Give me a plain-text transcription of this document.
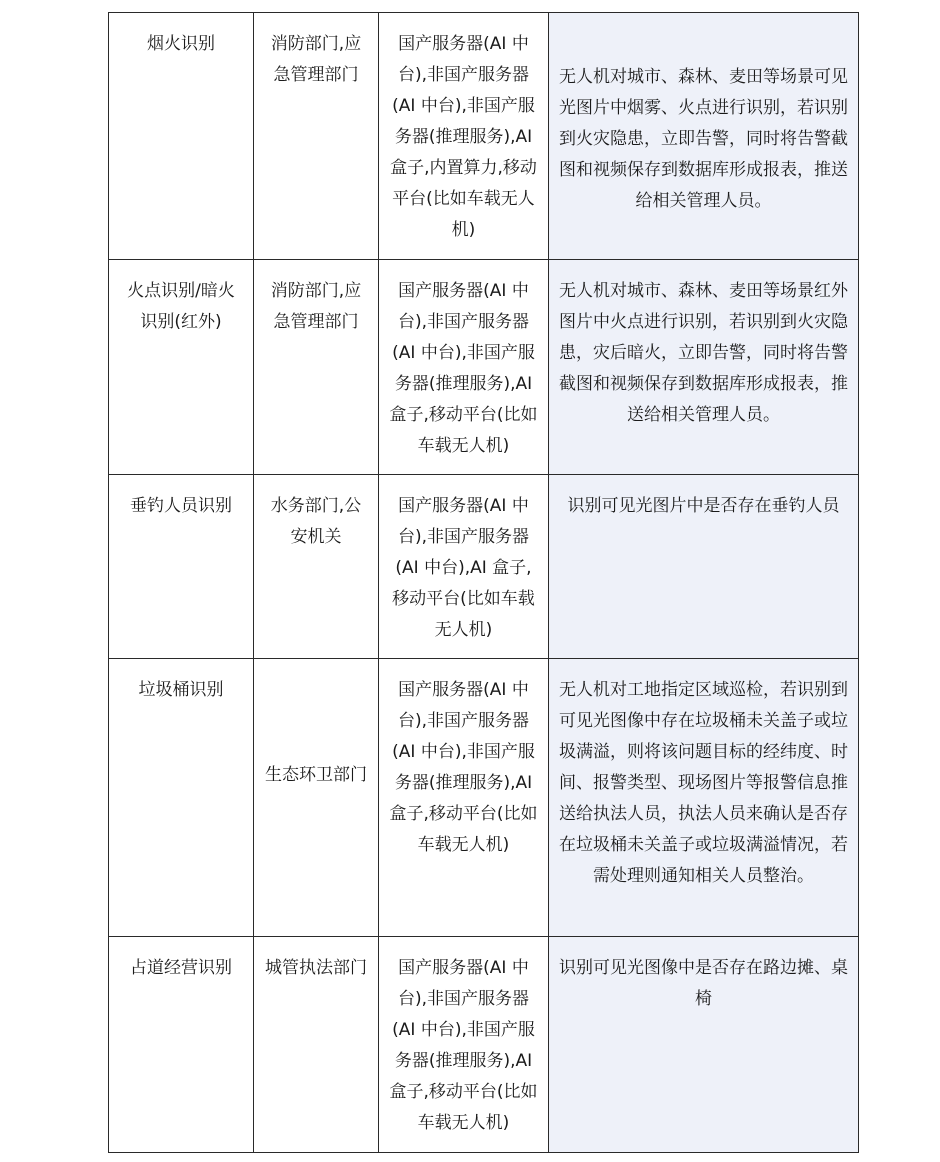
烟火识别	消防部门,应急管理部门	国产服务器(AI 中台),非国产服务器(AI 中台),非国产服务器(推理服务),AI 盒子,内置算力,移动平台(比如车载无人机)	无人机对城市、森林、麦田等场景可见光图片中烟雾、火点进行识别，若识别到火灾隐患，立即告警，同时将告警截图和视频保存到数据库形成报表，推送给相关管理人员。
火点识别/暗火识别(红外)	消防部门,应急管理部门	国产服务器(AI 中台),非国产服务器(AI 中台),非国产服务器(推理服务),AI 盒子,移动平台(比如车载无人机)	无人机对城市、森林、麦田等场景红外图片中火点进行识别，若识别到火灾隐患，灾后暗火，立即告警，同时将告警截图和视频保存到数据库形成报表，推送给相关管理人员。
垂钓人员识别	水务部门,公安机关	国产服务器(AI 中台),非国产服务器(AI 中台),AI 盒子,移动平台(比如车载无人机)	识别可见光图片中是否存在垂钓人员
垃圾桶识别	生态环卫部门	国产服务器(AI 中台),非国产服务器(AI 中台),非国产服务器(推理服务),AI 盒子,移动平台(比如车载无人机)	无人机对工地指定区域巡检，若识别到可见光图像中存在垃圾桶未关盖子或垃圾满溢，则将该问题目标的经纬度、时间、报警类型、现场图片等报警信息推送给执法人员，执法人员来确认是否存在垃圾桶未关盖子或垃圾满溢情况，若需处理则通知相关人员整治。
占道经营识别	城管执法部门	国产服务器(AI 中台),非国产服务器(AI 中台),非国产服务器(推理服务),AI 盒子,移动平台(比如车载无人机)	识别可见光图像中是否存在路边摊、桌椅
